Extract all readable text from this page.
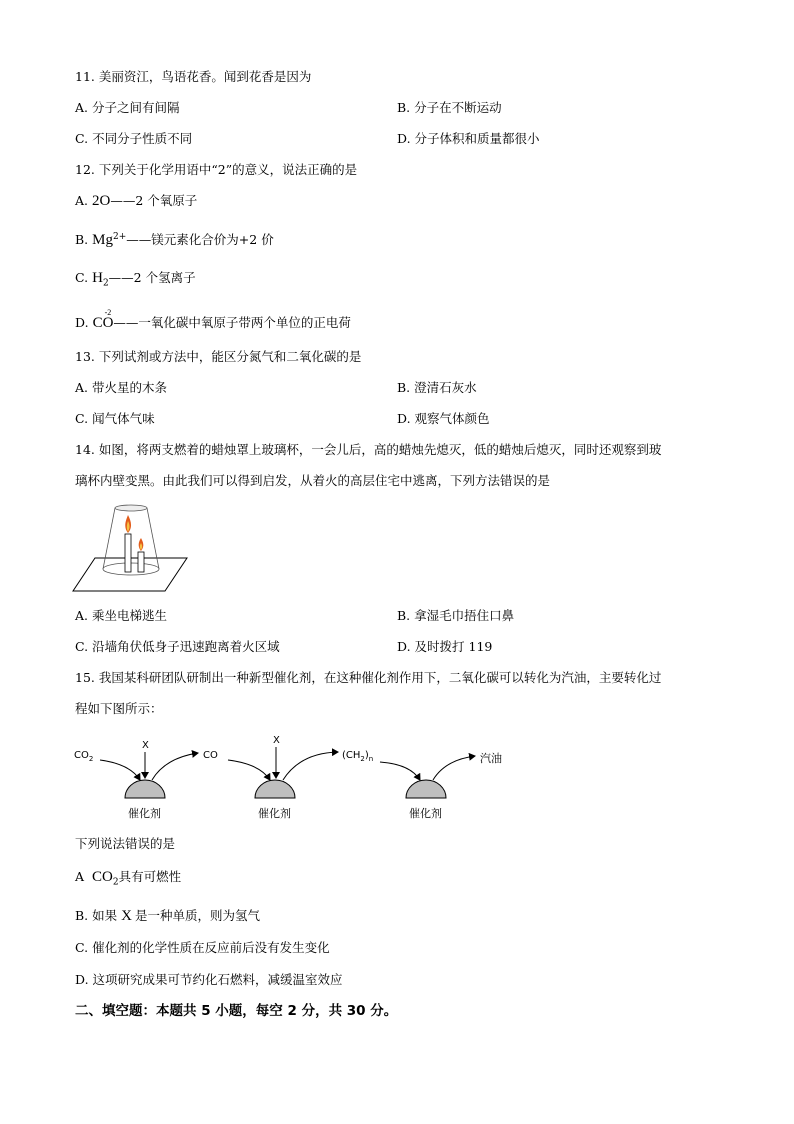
11. 美丽资江，鸟语花香。闻到花香是因为
A. 分子之间有间隔	B. 分子在不断运动
C. 不同分子性质不同	D. 分子体积和质量都很小
12. 下列关于化学用语中“2”的意义，说法正确的是
A. 2O——2 个氧原子
B. $Mg^{2+}——$镁元素化合价为+2 价
C. $H_2——2$ 个氢离子
D. CO
-2
——一氧化碳中氧原子带两个单位的正电荷
13. 下列试剂或方法中，能区分氮气和二氧化碳的是
A. 带火星的木条	B. 澄清石灰水
C. 闻气体气味	D. 观察气体颜色
14. 如图，将两支燃着的蜡烛罩上玻璃杯，一会儿后，高的蜡烛先熄灭，低的蜡烛后熄灭，同时还观察到玻
璃杯内壁变黑。由此我们可以得到启发，从着火的高层住宅中逃离，下列方法错误的是
A. 乘坐电梯逃生	B. 拿湿毛巾捂住口鼻
C. 沿墙角伏低身子迅速跑离着火区域	D. 及时拨打 119
15. 我国某科研团队研制出一种新型催化剂，在这种催化剂作用下，二氧化碳可以转化为汽油，主要转化过
程如下图所示：
$CO_2$
X
CO
X
$(CH_2)_n$	汽油
催化剂	催化剂	催化剂
下列说法错误的是
A $CO_2$具有可燃性
B. 如果 X 是一种单质，则为氢气
C. 催化剂的化学性质在反应前后没有发生变化
D. 这项研究成果可节约化石燃料，减缓温室效应
二、填空题：本题共 5 小题，每空 2 分，共 30 分。
